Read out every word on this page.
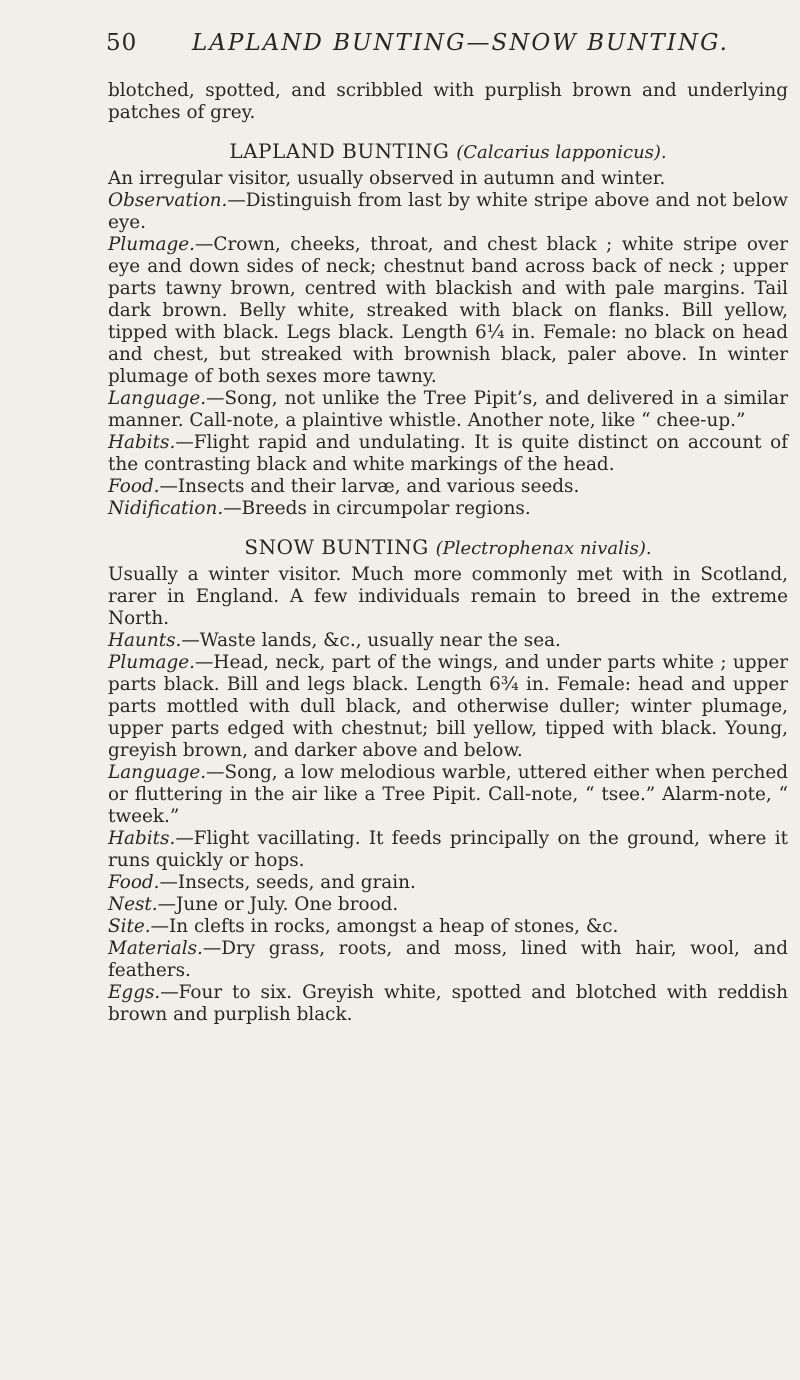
50 LAPLAND BUNTING—SNOW BUNTING.

blotched, spotted, and scribbled with purplish brown and underlying patches of grey.

LAPLAND BUNTING (Calcarius lapponicus).

An irregular visitor, usually observed in autumn and winter.

Observation.—Distinguish from last by white stripe above and not below eye.

Plumage.—Crown, cheeks, throat, and chest black ; white stripe over eye and down sides of neck; chestnut band across back of neck ; upper parts tawny brown, centred with blackish and with pale margins. Tail dark brown. Belly white, streaked with black on flanks. Bill yellow, tipped with black. Legs black. Length 6¼ in. Female: no black on head and chest, but streaked with brownish black, paler above. In winter plumage of both sexes more tawny.

Language.—Song, not unlike the Tree Pipit’s, and delivered in a similar manner. Call-note, a plaintive whistle. Another note, like “ chee-up.”

Habits.—Flight rapid and undulating. It is quite distinct on account of the contrasting black and white markings of the head.

Food.—Insects and their larvæ, and various seeds.

Nidification.—Breeds in circumpolar regions.

SNOW BUNTING (Plectrophenax nivalis).

Usually a winter visitor. Much more commonly met with in Scotland, rarer in England. A few individuals remain to breed in the extreme North.

Haunts.—Waste lands, &c., usually near the sea.

Plumage.—Head, neck, part of the wings, and under parts white ; upper parts black. Bill and legs black. Length 6¾ in. Female: head and upper parts mottled with dull black, and otherwise duller; winter plumage, upper parts edged with chestnut; bill yellow, tipped with black. Young, greyish brown, and darker above and below.

Language.—Song, a low melodious warble, uttered either when perched or fluttering in the air like a Tree Pipit. Call-note, “ tsee.” Alarm-note, “ tweek.”

Habits.—Flight vacillating. It feeds principally on the ground, where it runs quickly or hops.

Food.—Insects, seeds, and grain.

Nest.—June or July. One brood.

Site.—In clefts in rocks, amongst a heap of stones, &c.

Materials.—Dry grass, roots, and moss, lined with hair, wool, and feathers.

Eggs.—Four to six. Greyish white, spotted and blotched with reddish brown and purplish black.
